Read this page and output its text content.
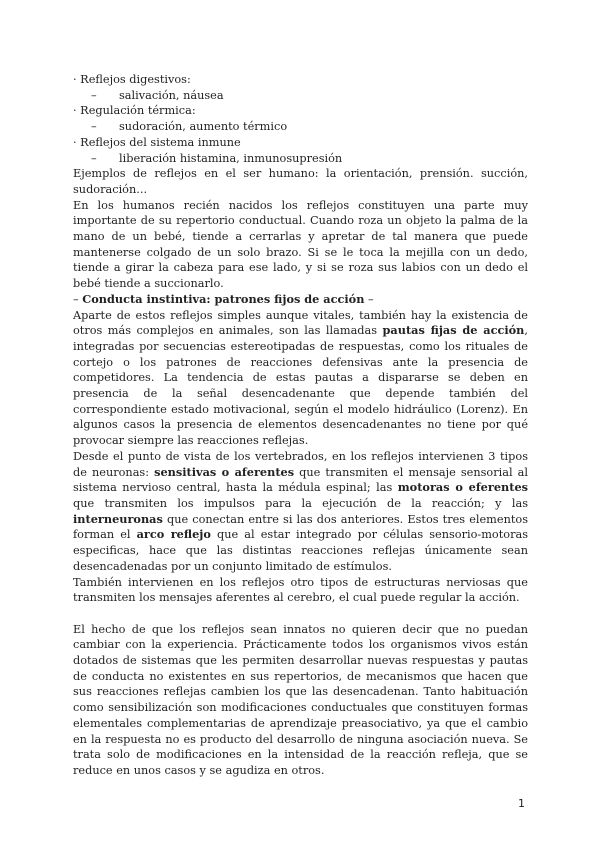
· Reflejos digestivos:
– salivación, náusea
· Regulación térmica:
– sudoración, aumento térmico
· Reflejos del sistema inmune
– liberación histamina, inmunosupresión

Ejemplos de reflejos en el ser humano: la orientación, prensión. succión, sudoración...

En los humanos recién nacidos los reflejos constituyen una parte muy importante de su repertorio conductual. Cuando roza un objeto la palma de la mano de un bebé, tiende a cerrarlas y apretar de tal manera que puede mantenerse colgado de un solo brazo. Si se le toca la mejilla con un dedo, tiende a girar la cabeza para ese lado, y si se roza sus labios con un dedo el bebé tiende a succionarlo.

– Conducta instintiva: patrones fijos de acción –

Aparte de estos reflejos simples aunque vitales, también hay la existencia de otros más complejos en animales, son las llamadas pautas fijas de acción, integradas por secuencias estereotipadas de respuestas, como los rituales de cortejo o los patrones de reacciones defensivas ante la presencia de competidores. La tendencia de estas pautas a dispararse se deben en presencia de la señal desencadenante que depende también del correspondiente estado motivacional, según el modelo hidráulico (Lorenz). En algunos casos la presencia de elementos desencadenantes no tiene por qué provocar siempre las reacciones reflejas.

Desde el punto de vista de los vertebrados, en los reflejos intervienen 3 tipos de neuronas: sensitivas o aferentes que transmiten el mensaje sensorial al sistema nervioso central, hasta la médula espinal; las motoras o eferentes que transmiten los impulsos para la ejecución de la reacción; y las interneuronas que conectan entre si las dos anteriores. Estos tres elementos forman el arco reflejo que al estar integrado por células sensorio-motoras especificas, hace que las distintas reacciones reflejas únicamente sean desencadenadas por un conjunto limitado de estímulos.

También intervienen en los reflejos otro tipos de estructuras nerviosas que transmiten los mensajes aferentes al cerebro, el cual puede regular la acción.

El hecho de que los reflejos sean innatos no quieren decir que no puedan cambiar con la experiencia. Prácticamente todos los organismos vivos están dotados de sistemas que les permiten desarrollar nuevas respuestas y pautas de conducta no existentes en sus repertorios, de mecanismos que hacen que sus reacciones reflejas cambien los que las desencadenan. Tanto habituación como sensibilización son modificaciones conductuales que constituyen formas elementales complementarias de aprendizaje preasociativo, ya que el cambio en la respuesta no es producto del desarrollo de ninguna asociación nueva. Se trata solo de modificaciones en la intensidad de la reacción refleja, que se reduce en unos casos y se agudiza en otros.

1
